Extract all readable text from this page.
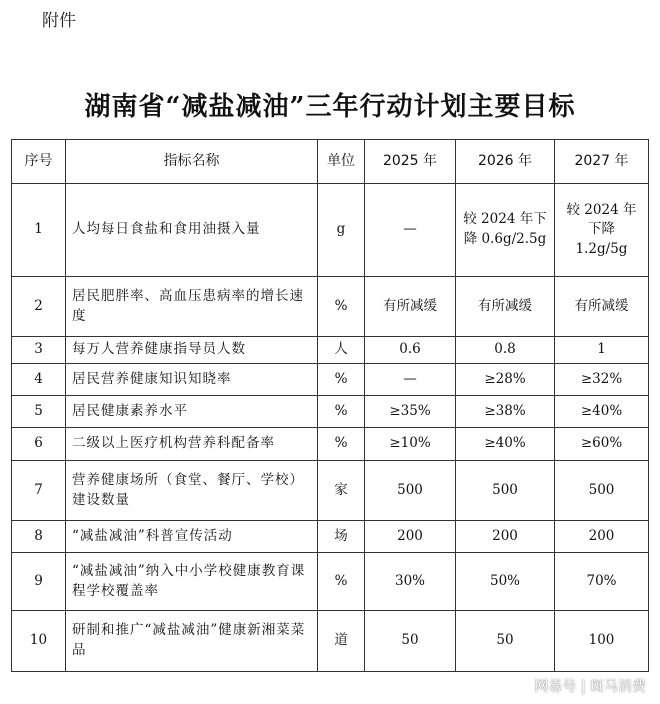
附件
湖南省“减盐减油”三年行动计划主要目标
序号	指标名称	单位	2025 年	2026 年	2027 年
1	人均每日食盐和食用油摄入量	g	—	较 2024 年下降 0.6g/2.5g	较 2024 年下降 1.2g/5g
2	居民肥胖率、高血压患病率的增长速度	%	有所减缓	有所减缓	有所减缓
3	每万人营养健康指导员人数	人	0.6	0.8	1
4	居民营养健康知识知晓率	%	—	≥28%	≥32%
5	居民健康素养水平	%	≥35%	≥38%	≥40%
6	二级以上医疗机构营养科配备率	%	≥10%	≥40%	≥60%
7	营养健康场所（食堂、餐厅、学校）建设数量	家	500	500	500
8	“减盐减油”科普宣传活动	场	200	200	200
9	“减盐减油”纳入中小学校健康教育课程学校覆盖率	%	30%	50%	70%
10	研制和推广“减盐减油”健康新湘菜菜品	道	50	50	100
网易号 | 斑马消费
